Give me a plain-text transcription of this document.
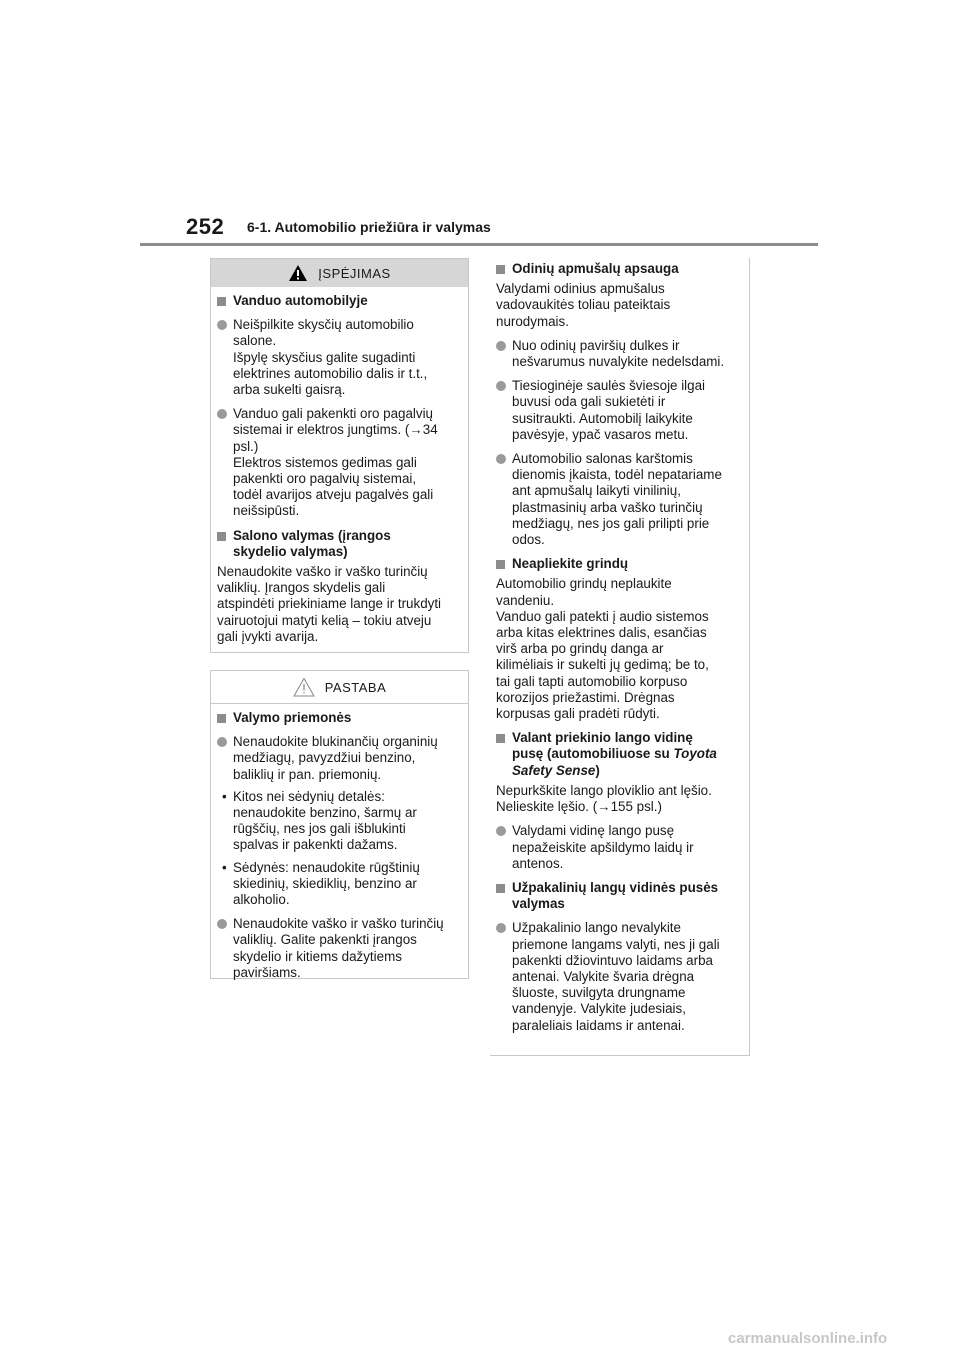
252 6-1. Automobilio priežiūra ir valymas
ĮSPĖJIMAS
Vanduo automobilyje
Neišpilkite skysčių automobilio
salone.
Išpylę skysčius galite sugadinti
elektrines automobilio dalis ir t.t.,
arba sukelti gaisrą.
Vanduo gali pakenkti oro pagalvių
sistemai ir elektros jungtims. (→34
psl.)
Elektros sistemos gedimas gali
pakenkti oro pagalvių sistemai,
todėl avarijos atveju pagalvės gali
neišsipūsti.
Salono valymas (įrangos
skydelio valymas)
Nenaudokite vaško ir vaško turinčių
valiklių. Įrangos skydelis gali
atspindėti priekiniame lange ir trukdyti
vairuotojui matyti kelią – tokiu atveju
gali įvykti avarija.
PASTABA
Valymo priemonės
Nenaudokite blukinančių organinių
medžiagų, pavyzdžiui benzino,
baliklių ir pan. priemonių.
• Kitos nei sėdynių detalės:
nenaudokite benzino, šarmų ar
rūgščių, nes jos gali išblukinti
spalvas ir pakenkti dažams.
• Sėdynės: nenaudokite rūgštinių
skiedinių, skiediklių, benzino ar
alkoholio.
Nenaudokite vaško ir vaško turinčių
valiklių. Galite pakenkti įrangos
skydelio ir kitiems dažytiems
paviršiams.
Odinių apmušalų apsauga
Valydami odinius apmušalus
vadovaukitės toliau pateiktais
nurodymais.
Nuo odinių paviršių dulkes ir
nešvarumus nuvalykite nedelsdami.
Tiesioginėje saulės šviesoje ilgai
buvusi oda gali sukietėti ir
susitraukti. Automobilį laikykite
pavėsyje, ypač vasaros metu.
Automobilio salonas karštomis
dienomis įkaista, todėl nepatariame
ant apmušalų laikyti vinilinių,
plastmasinių arba vaško turinčių
medžiagų, nes jos gali prilipti prie
odos.
Neapliekite grindų
Automobilio grindų neplaukite
vandeniu.
Vanduo gali patekti į audio sistemos
arba kitas elektrines dalis, esančias
virš arba po grindų danga ar
kilimėliais ir sukelti jų gedimą; be to,
tai gali tapti automobilio korpuso
korozijos priežastimi. Drėgnas
korpusas gali pradėti rūdyti.
Valant priekinio lango vidinę
pusę (automobiliuose su Toyota
Safety Sense)
Nepurkškite lango ploviklio ant lęšio.
Nelieskite lęšio. (→155 psl.)
Valydami vidinę lango pusę
nepažeiskite apšildymo laidų ir
antenos.
Užpakalinių langų vidinės pusės
valymas
Užpakalinio lango nevalykite
priemone langams valyti, nes ji gali
pakenkti džiovintuvo laidams arba
antenai. Valykite švaria drėgna
šluoste, suvilgyta drungname
vandenyje. Valykite judesiais,
paraleliais laidams ir antenai.
carmanualsonline.info
